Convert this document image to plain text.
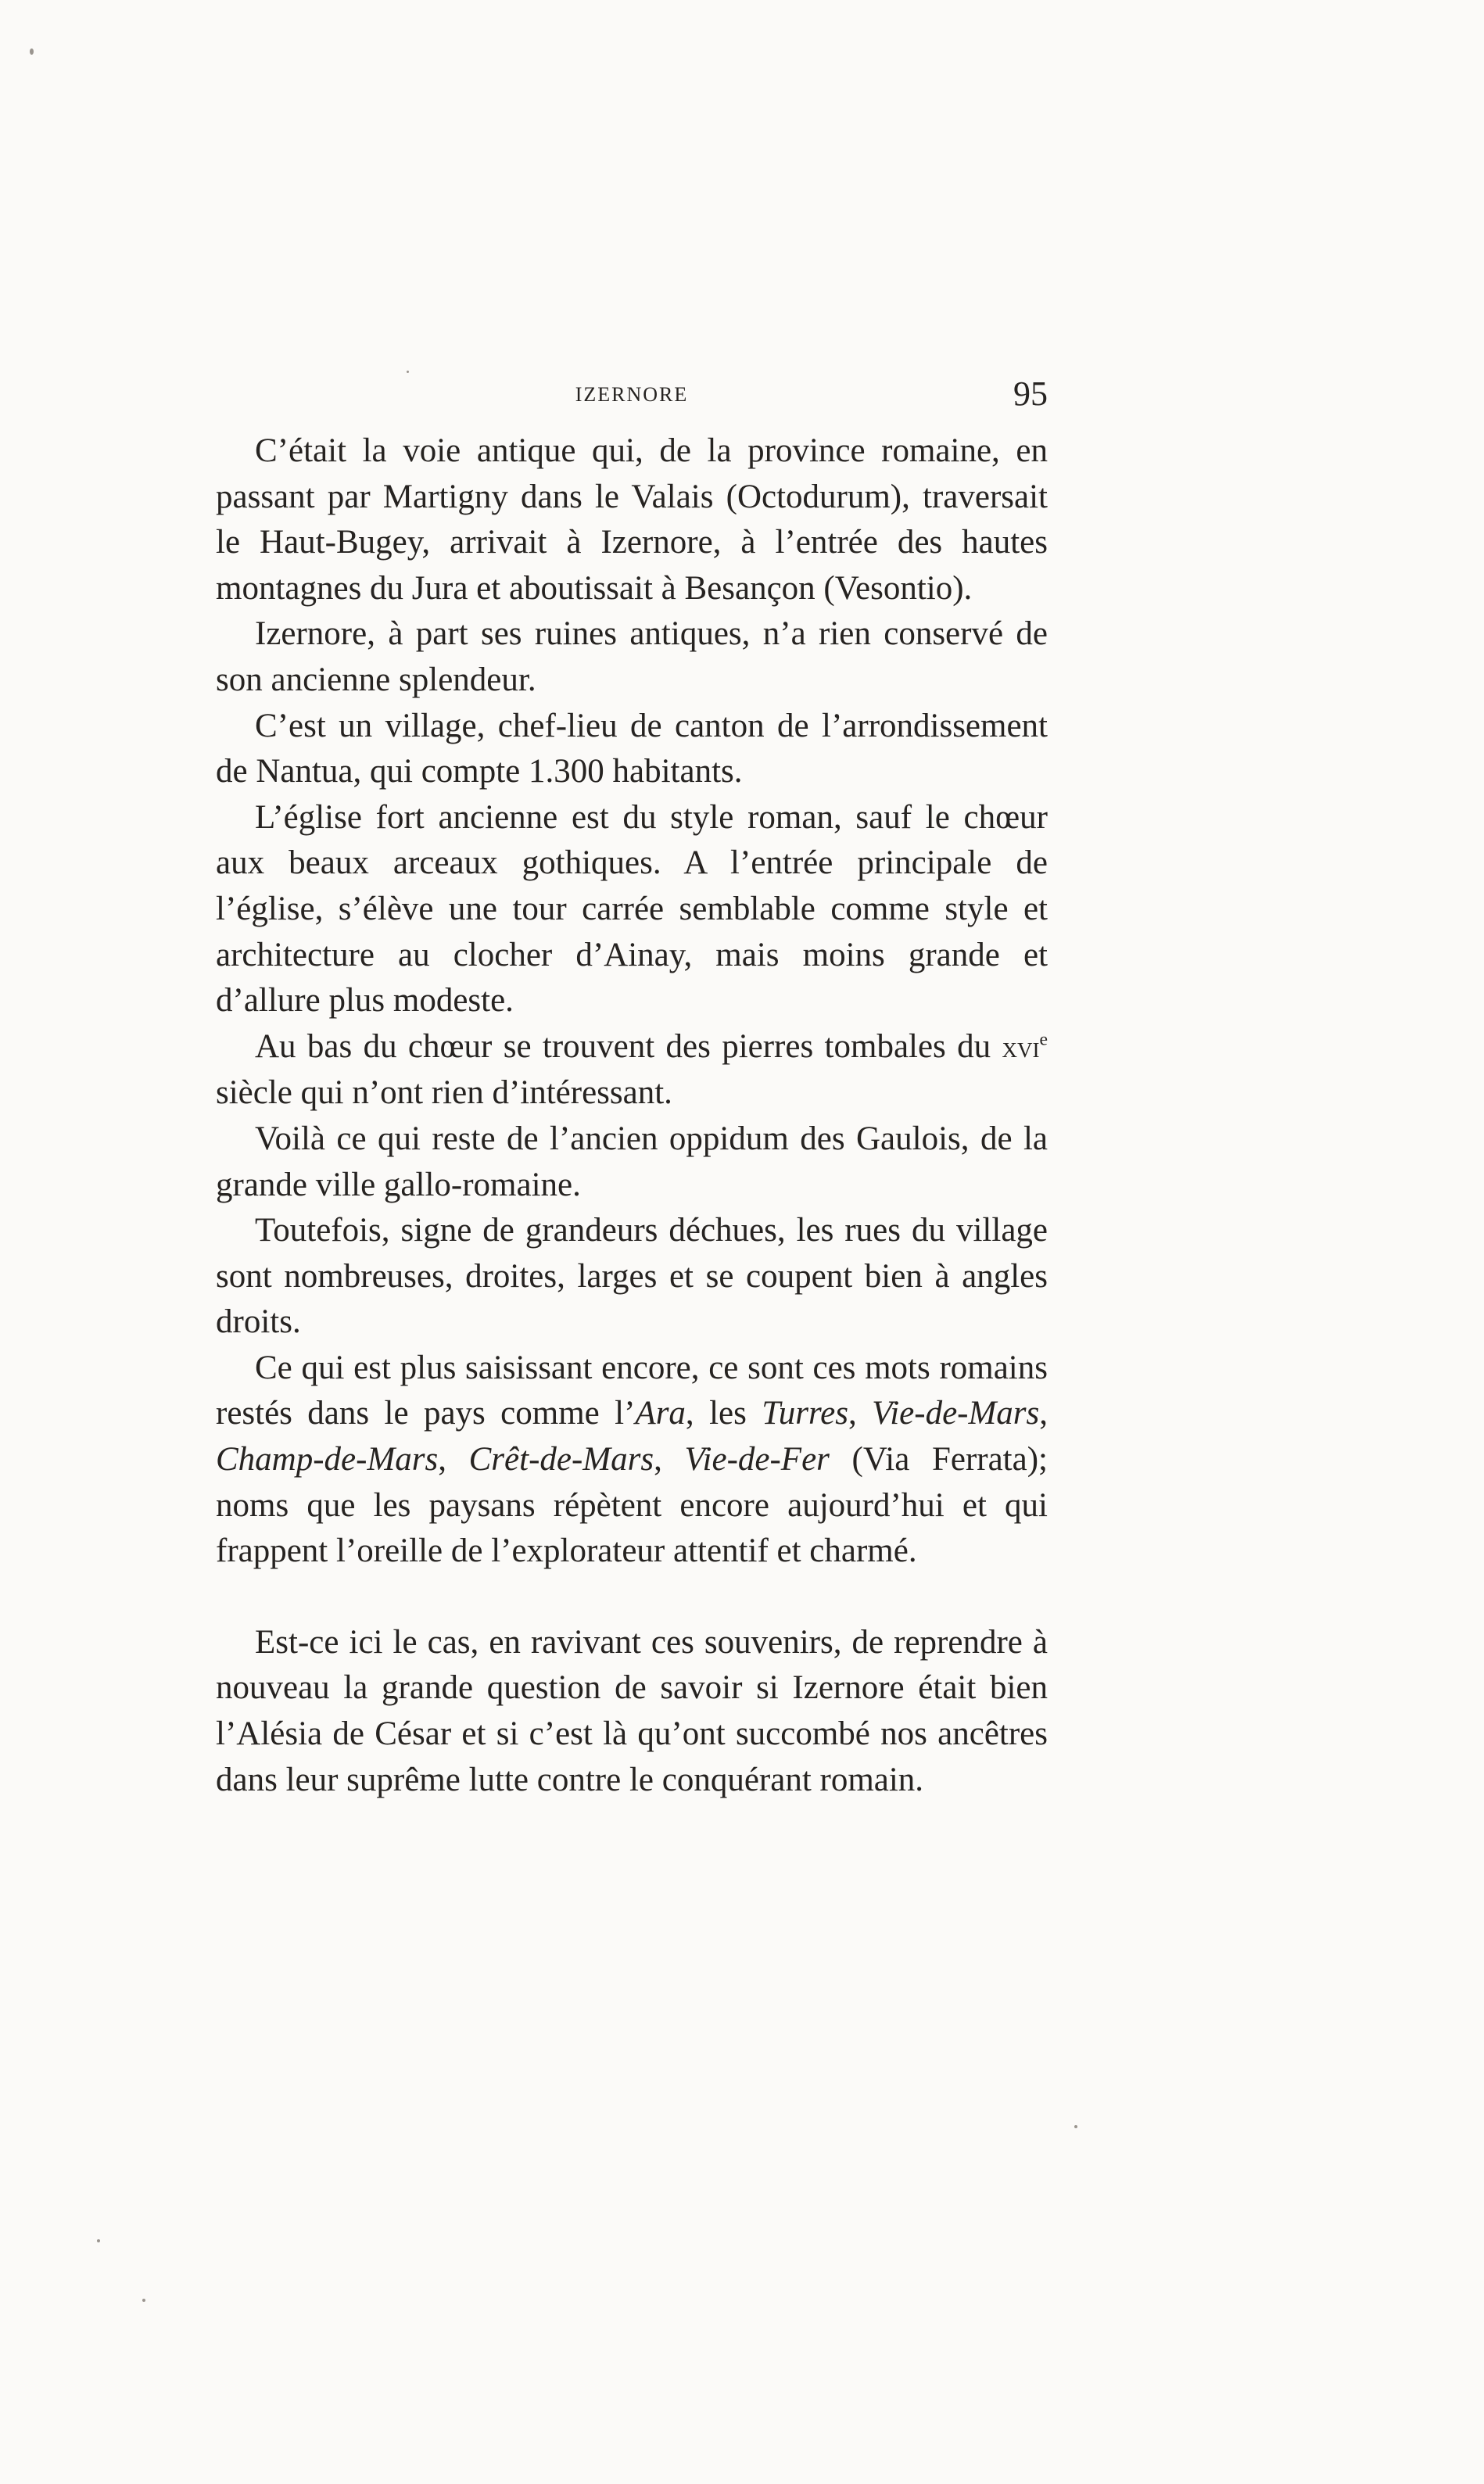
IZERNORE	95

C’était la voie antique qui, de la province romaine, en passant par Martigny dans le Valais (Octodurum), traversait le Haut-Bugey, arrivait à Izernore, à l’entrée des hautes montagnes du Jura et aboutissait à Besançon (Vesontio).

Izernore, à part ses ruines antiques, n’a rien conservé de son ancienne splendeur.

C’est un village, chef-lieu de canton de l’arrondissement de Nantua, qui compte 1.300 habitants.

L’église fort ancienne est du style roman, sauf le chœur aux beaux arceaux gothiques. A l’entrée principale de l’église, s’élève une tour carrée semblable comme style et architecture au clocher d’Ainay, mais moins grande et d’allure plus modeste.

Au bas du chœur se trouvent des pierres tombales du xvi$^e$ siècle qui n’ont rien d’intéressant.

Voilà ce qui reste de l’ancien oppidum des Gaulois, de la grande ville gallo-romaine.

Toutefois, signe de grandeurs déchues, les rues du village sont nombreuses, droites, larges et se coupent bien à angles droits.

Ce qui est plus saisissant encore, ce sont ces mots romains restés dans le pays comme l’Ara, les Turres, Vie-de-Mars, Champ-de-Mars, Crêt-de-Mars, Vie-de-Fer (Via Ferrata); noms que les paysans répètent encore aujourd’hui et qui frappent l’oreille de l’explorateur attentif et charmé.

Est-ce ici le cas, en ravivant ces souvenirs, de reprendre à nouveau la grande question de savoir si Izernore était bien l’Alésia de César et si c’est là qu’ont succombé nos ancêtres dans leur suprême lutte contre le conquérant romain.
